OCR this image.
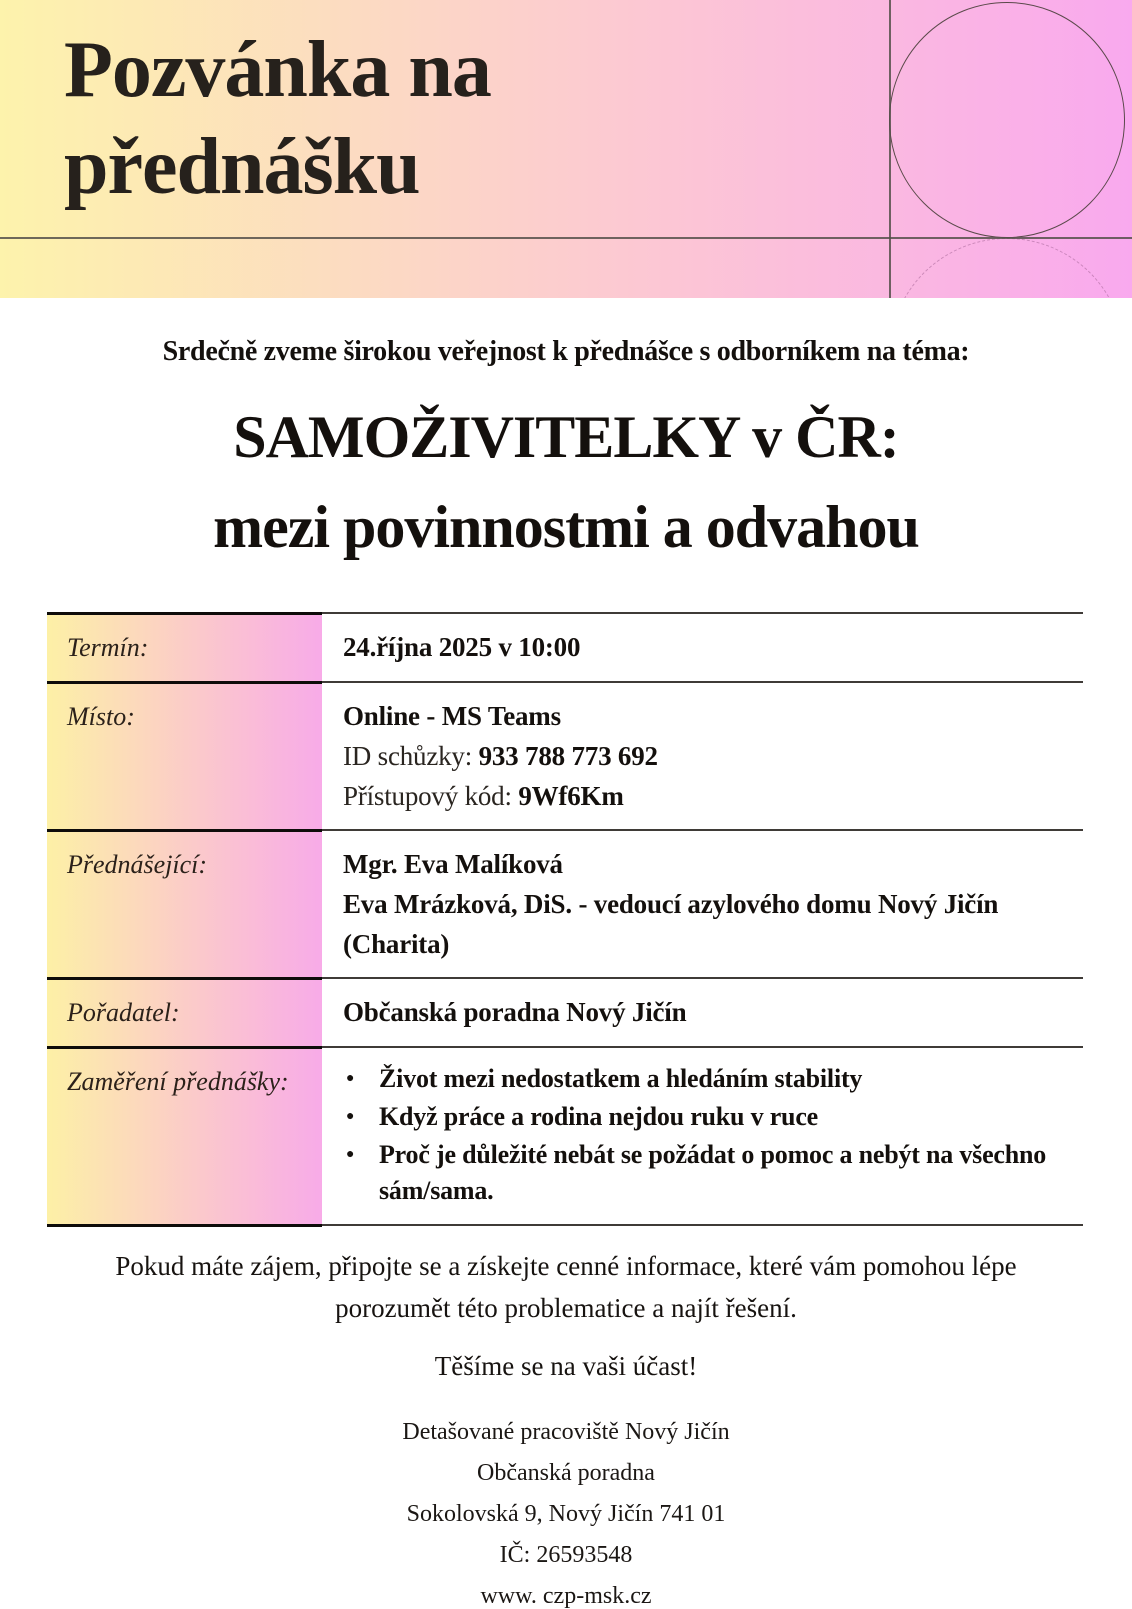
Pozvánka na
přednášku

Srdečně zveme širokou veřejnost k přednášce s odborníkem na téma:

SAMOŽIVITELKY v ČR:
mezi povinnostmi a odvahou
Termín:	24.října 2025 v 10:00
Místo:	Online - MS Teams
ID schůzky: 933 788 773 692
Přístupový kód: 9Wf6Km
Přednášející:	Mgr. Eva Malíková
Eva Mrázková, DiS. - vedoucí azylového domu Nový Jičín (Charita)
Pořadatel:	Občanská poradna Nový Jičín
Zaměření přednášky:	● Život mezi nedostatkem a hledáním stability
● Když práce a rodina nejdou ruku v ruce
● Proč je důležité nebát se požádat o pomoc a nebýt na všechno sám/sama.

Pokud máte zájem, připojte se a získejte cenné informace, které vám pomohou lépe porozumět této problematice a najít řešení.

Těšíme se na vaši účast!

Detašované pracoviště Nový Jičín
Občanská poradna
Sokolovská 9, Nový Jičín 741 01
IČ: 26593548
www. czp-msk.cz
